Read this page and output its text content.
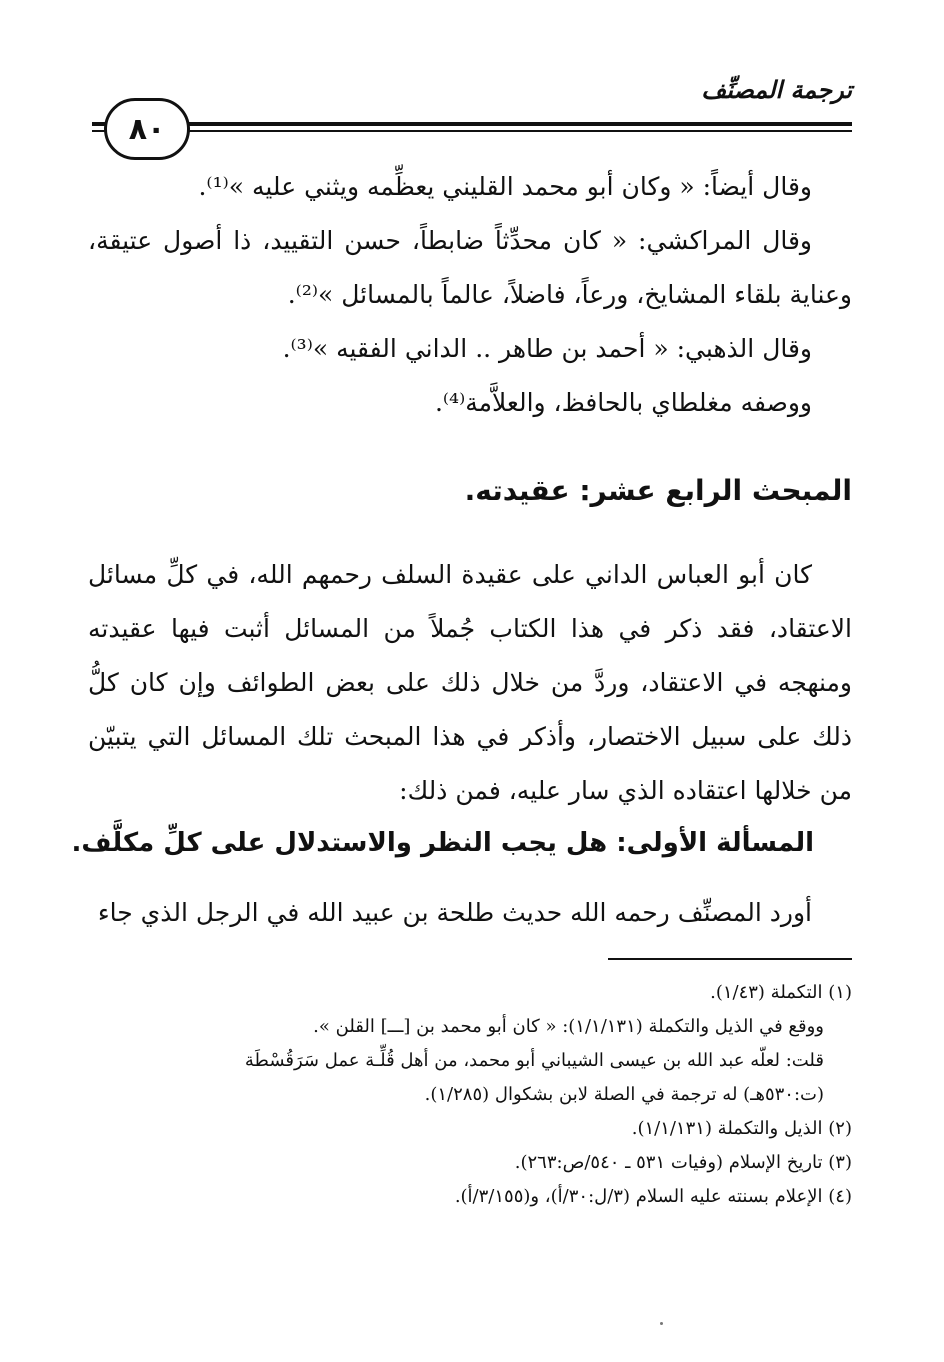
ترجمة المصنِّف
٨٠

وقال أيضاً: « وكان أبو محمد القليني يعظِّمه ويثني عليه »⁽¹⁾.

وقال المراكشي: « كان محدِّثاً ضابطاً، حسن التقييد، ذا أصول عتيقة، وعناية بلقاء المشايخ، ورعاً، فاضلاً، عالماً بالمسائل »⁽²⁾.

وقال الذهبي: « أحمد بن طاهر .. الداني الفقيه »⁽³⁾.

ووصفه مغلطاي بالحافظ، والعلاَّمة⁽⁴⁾.

المبحث الرابع عشر: عقيدته.

كان أبو العباس الداني على عقيدة السلف رحمهم الله، في كلِّ مسائل الاعتقاد، فقد ذكر في هذا الكتاب جُملاً من المسائل أثبت فيها عقيدته ومنهجه في الاعتقاد، وردَّ من خلال ذلك على بعض الطوائف وإن كان كلُّ ذلك على سبيل الاختصار، وأذكر في هذا المبحث تلك المسائل التي يتبيّن من خلالها اعتقاده الذي سار عليه، فمن ذلك:

المسألة الأولى: هل يجب النظر والاستدلال على كلِّ مكلَّف.

أورد المصنِّف رحمه الله حديث طلحة بن عبيد الله في الرجل الذي جاء

(١) التكملة (١/٤٣).

ووقع في الذيل والتكملة (١/١/١٣١): « كان أبو محمد بن [ـــ] القلن ».

قلت: لعلّه عبد الله بن عيسى الشيباني أبو محمد، من أهل قُلِّـة عمل سَرَقُسْطَة

(ت:٥٣٠هـ) له ترجمة في الصلة لابن بشكوال (١/٢٨٥).

(٢) الذيل والتكملة (١/١/١٣١).

(٣) تاريخ الإسلام (وفيات ٥٣١ ـ ٥٤٠/ص:٢٦٣).

(٤) الإعلام بسنته عليه السلام (٣/ل:٣٠/أ)، و(٣/١٥٥/أ).
